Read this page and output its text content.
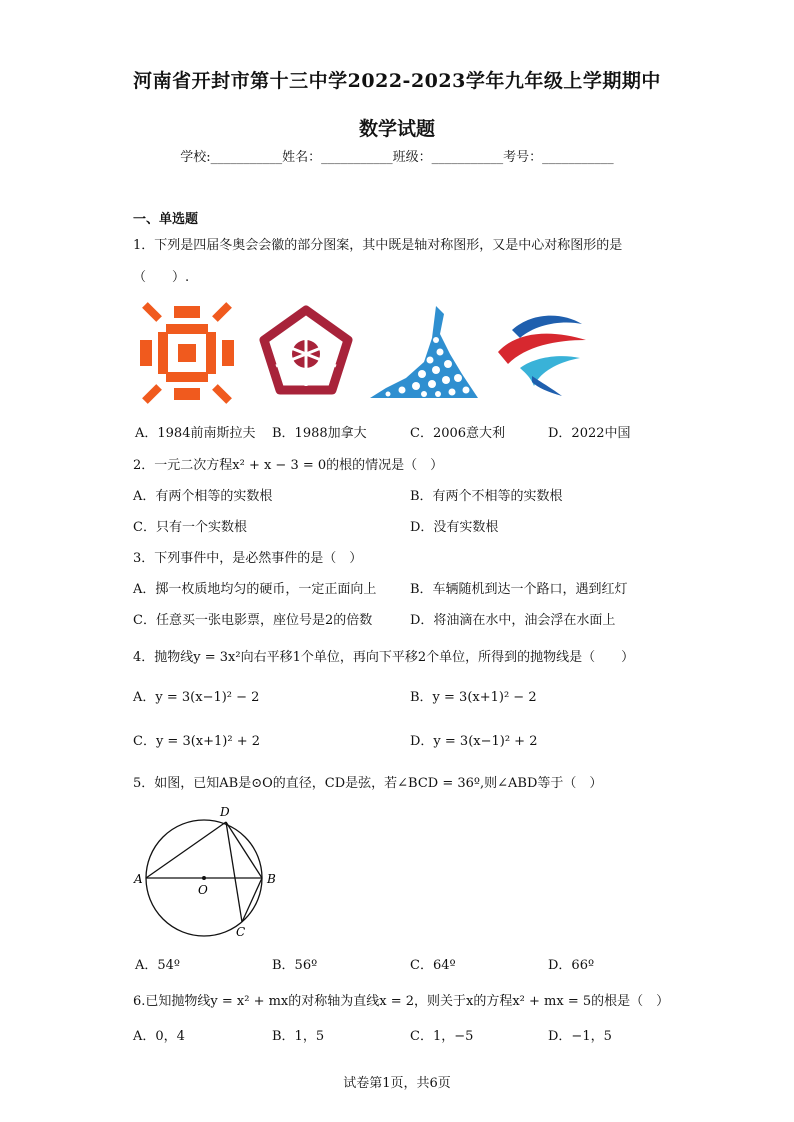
河南省开封市第十三中学2022-2023学年九年级上学期期中
数学试题
学校:___________姓名：___________班级：___________考号：___________
一、单选题
1．下列是四届冬奥会会徽的部分图案，其中既是轴对称图形，又是中心对称图形的是
（　　）.
A．1984前南斯拉夫 B．1988加拿大	C．2006意大利	D．2022中国
2．一元二次方程x² + x − 3 = 0的根的情况是（　）
A．有两个相等的实数根	B．有两个不相等的实数根
C．只有一个实数根	D．没有实数根
3．下列事件中，是必然事件的是（　）
A．掷一枚质地均匀的硬币，一定正面向上	B．车辆随机到达一个路口，遇到红灯
C．任意买一张电影票，座位号是2的倍数	D．将油滴在水中，油会浮在水面上
4．抛物线y = 3x²向右平移1个单位，再向下平移2个单位，所得到的抛物线是（　　）
A．y = 3(x−1)² − 2	B．y = 3(x+1)² − 2
C．y = 3(x+1)² + 2	D．y = 3(x−1)² + 2
5．如图，已知AB是⊙O的直径，CD是弦，若∠BCD = 36º,则∠ABD等于（　）
A	B
C
D
O
A．54º	B．56º	C．64º	D．66º
6.已知抛物线y = x² + mx的对称轴为直线x = 2，则关于x的方程x² + mx = 5的根是（　）
A．0，4	B．1，5	C．1，−5	D．−1，5
试卷第1页，共6页
